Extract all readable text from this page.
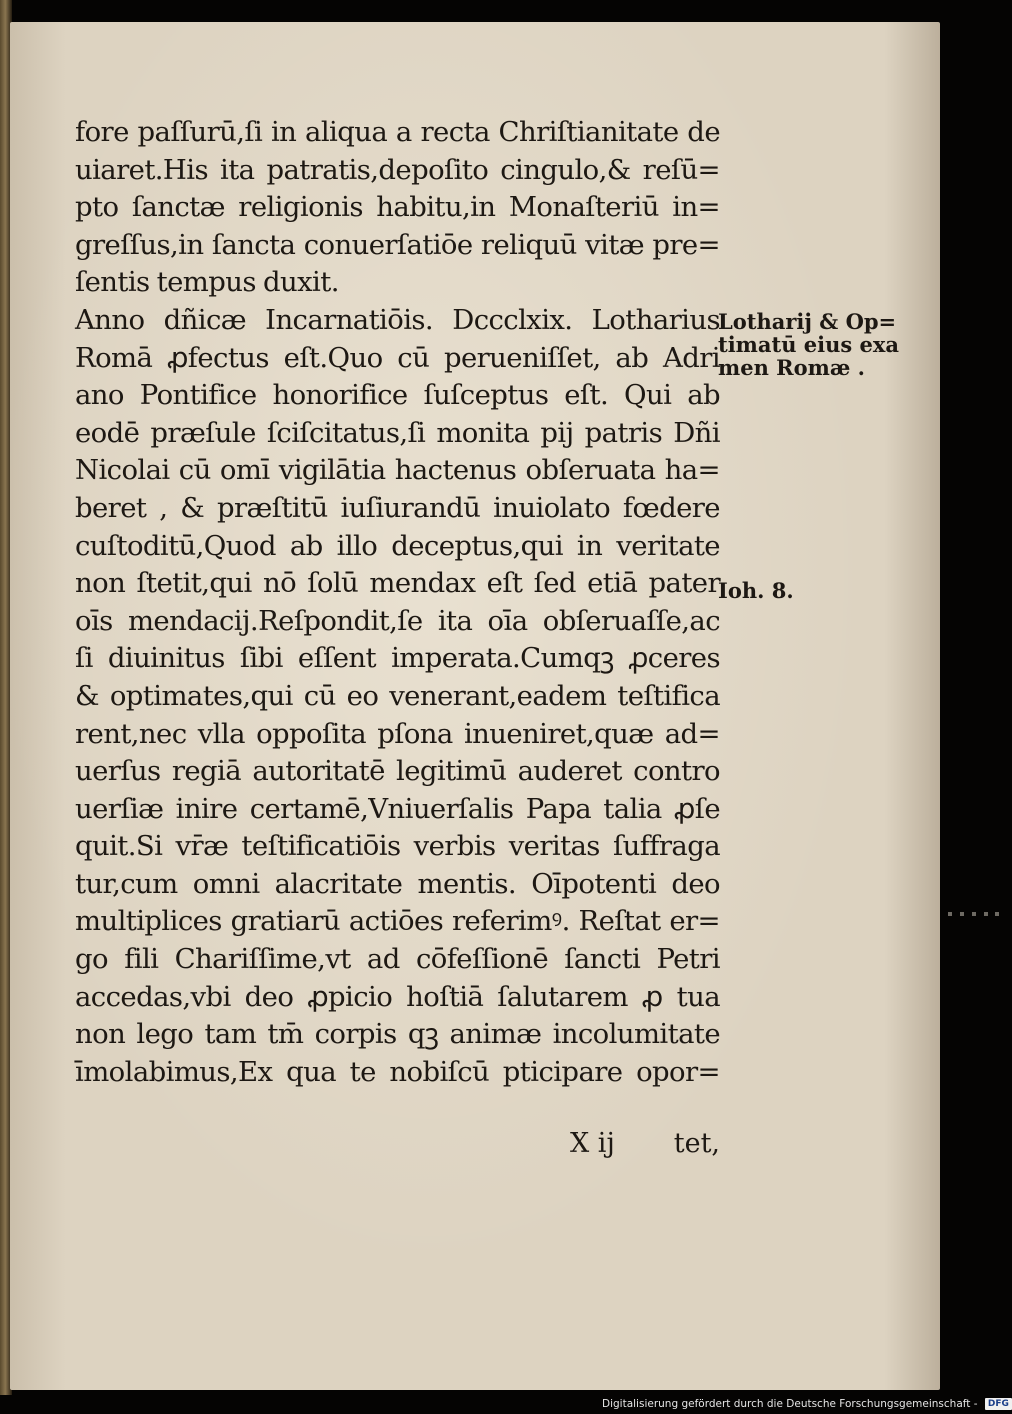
fore paſſurū,ſi in aliqua a recta Chriſtianitate de
uiaret.His ita patratis,depoſito cingulo,& reſū=
pto ſanctæ religionis habitu,in Monaſteriū in=
greſſus,in ſancta conuerſatiōe reliquū vitæ pre=
ſentis tempus duxit.
Anno dñicæ Incarnatiōis. Dccclxix. Lotharius
Romā ꝓfectus eſt.Quo cū perueniſſet, ab Adri
ano Pontifice honorifice ſuſceptus eſt. Qui ab
eodē præſule ſciſcitatus,ſi monita pij patris Dñi
Nicolai cū omī vigilātia hactenus obſeruata ha=
beret , & præſtitū iuſiurandū inuiolato fœdere
cuſtoditū,Quod ab illo deceptus,qui in veritate
non ſtetit,qui nō ſolū mendax eſt ſed etiā pater
oīs mendacij.Reſpondit,ſe ita oīa obſeruaſſe,ac
ſi diuinitus ſibi eſſent imperata.Cumqꝫ ꝓceres
& optimates,qui cū eo venerant,eadem teſtifica
rent,nec vlla oppoſita pſona inueniret,quæ ad=
uerſus regiā autoritatē legitimū auderet contro
uerſiæ inire certamē,Vniuerſalis Papa talia ꝓſe
quit.Si vr̄æ teſtificatiōis verbis veritas ſuffraga
tur,cum omni alacritate mentis. Oīpotenti deo
multiplices gratiarū actiōes referimꝰ. Reſtat er=
go fili Chariſſime,vt ad cōfeſſionē ſancti Petri
accedas,vbi deo ꝓpicio hoſtiā ſalutarem ꝓ tua
non lego tam tm̄ corpis qꝫ animæ incolumitate
īmolabimus,Ex qua te nobiſcū pticipare opor=
X ij tet,
Lotharij & Op=
timatū eius exa
men Romæ .
Ioh. 8.
Digitalisierung gefördert durch die Deutsche Forschungsgemeinschaft - DFG
